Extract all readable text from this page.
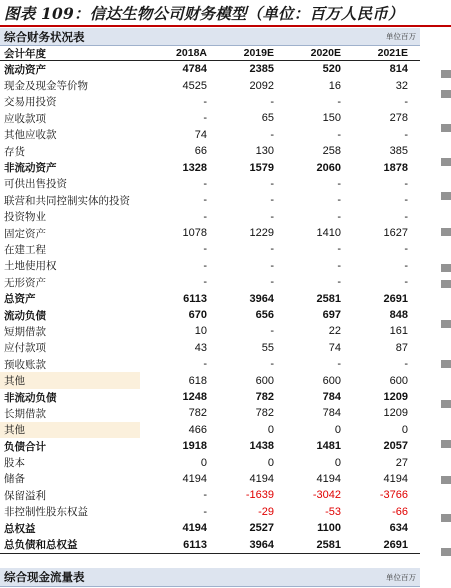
图表 109：信达生物公司财务模型（单位：百万人民币）
综合财务状况表	单位百万
会计年度	2018A	2019E	2020E	2021E
流动资产	4784	2385	520	814
现金及现金等价物	4525	2092	16	32
交易用投资	-	-	-	-
应收款项	-	65	150	278
其他应收款	74	-	-	-
存货	66	130	258	385
非流动资产	1328	1579	2060	1878
可供出售投资	-	-	-	-
联营和共同控制实体的投资	-	-	-	-
投资物业	-	-	-	-
固定资产	1078	1229	1410	1627
在建工程	-	-	-	-
土地使用权	-	-	-	-
无形资产	-	-	-	-
总资产	6113	3964	2581	2691
流动负债	670	656	697	848
短期借款	10	-	22	161
应付款项	43	55	74	87
预收账款	-	-	-	-
其他	618	600	600	600
非流动负债	1248	782	784	1209
长期借款	782	782	784	1209
其他	466	0	0	0
负债合计	1918	1438	1481	2057
股本	0	0	0	27
储备	4194	4194	4194	4194
保留溢利	-	-1639	-3042	-3766
非控制性股东权益	-	-29	-53	-66
总权益	4194	2527	1100	634
总负债和总权益	6113	3964	2581	2691
综合现金流量表	单位百万
